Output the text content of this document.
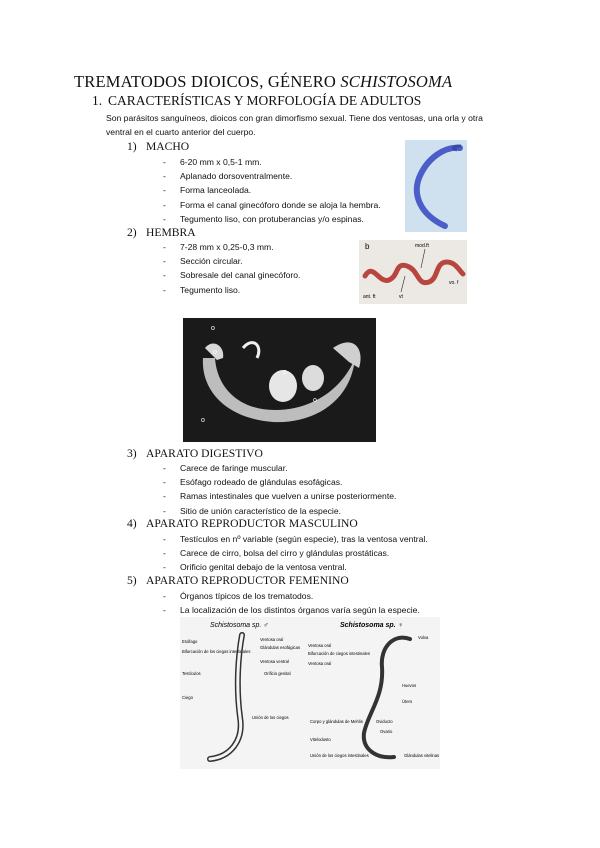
TREMATODOS DIOICOS, GÉNERO SCHISTOSOMA
1. CARACTERÍSTICAS Y MORFOLOGÍA DE ADULTOS
Son parásitos sanguíneos, dioicos con gran dimorfismo sexual. Tiene dos ventosas, una orla y otra ventral en el cuarto anterior del cuerpo.
1) MACHO
- 6-20 mm x 0,5-1 mm.
- Aplanado dorsoventralmente.
- Forma lanceolada.
- Forma el canal ginecóforo donde se aloja la hembra.
- Tegumento liso, con protuberancias y/o espinas.
2) HEMBRA
- 7-28 mm x 0,25-0,3 mm.
- Sección circular.
- Sobresale del canal ginecóforo.
- Tegumento liso.
b	mod.ft
vo. f
ant. ft	vt
o
o
o
o
o
3) APARATO DIGESTIVO
- Carece de faringe muscular.
- Esófago rodeado de glándulas esofágicas.
- Ramas intestinales que vuelven a unirse posteriormente.
- Sitio de unión característico de la especie.
4) APARATO REPRODUCTOR MASCULINO
- Testículos en nº variable (según especie), tras la ventosa ventral.
- Carece de cirro, bolsa del cirro y glándulas prostáticas.
- Orificio genital debajo de la ventosa ventral.
5) APARATO REPRODUCTOR FEMENINO
- Órganos típicos de los trematodos.
- La localización de los distintos órganos varía según la especie.
Schistosoma sp. ♂
Esófago
Bifurcación de los ciegos intestinales
Testículos
Ciego
Ventosa oral
Glándulas esofágicas
Ventosa ventral
Orificio genital
Unión de los ciegos
Schistosoma sp. ♀
Ventosa oral
Bifurcación de ciegos intestinales
Ventosa oral
Corpo y glándulas de Mehlis
Vitelodusto
Unión de los ciegos intestinales
Vulva
Huevos
Útero
Oviducto
Ovario
Glándulas vitelinas
